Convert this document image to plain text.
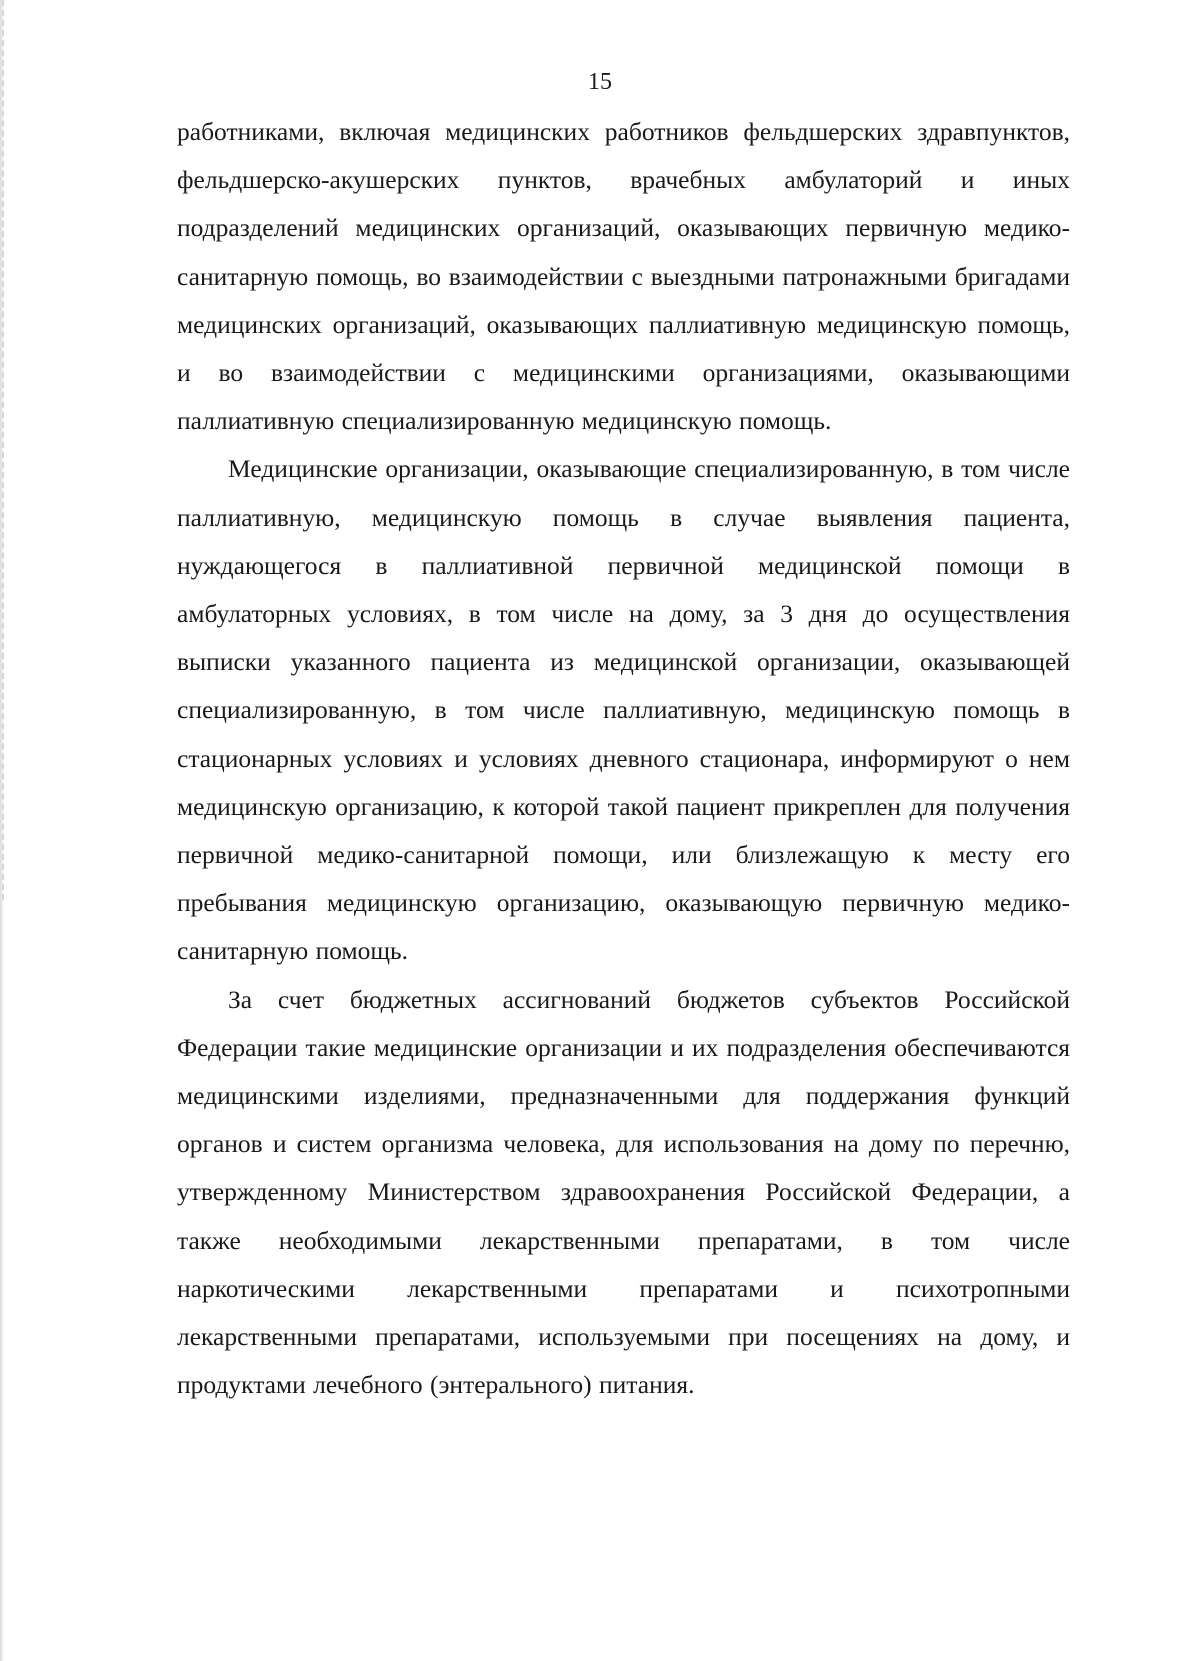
15

работниками, включая медицинских работников фельдшерских здравпунктов, фельдшерско-акушерских пунктов, врачебных амбулаторий и иных подразделений медицинских организаций, оказывающих первичную медико-санитарную помощь, во взаимодействии с выездными патронажными бригадами медицинских организаций, оказывающих паллиативную медицинскую помощь, и во взаимодействии с медицинскими организациями, оказывающими паллиативную специализированную медицинскую помощь.

Медицинские организации, оказывающие специализированную, в том числе паллиативную, медицинскую помощь в случае выявления пациента, нуждающегося в паллиативной первичной медицинской помощи в амбулаторных условиях, в том числе на дому, за 3 дня до осуществления выписки указанного пациента из медицинской организации, оказывающей специализированную, в том числе паллиативную, медицинскую помощь в стационарных условиях и условиях дневного стационара, информируют о нем медицинскую организацию, к которой такой пациент прикреплен для получения первичной медико-санитарной помощи, или близлежащую к месту его пребывания медицинскую организацию, оказывающую первичную медико-санитарную помощь.

За счет бюджетных ассигнований бюджетов субъектов Российской Федерации такие медицинские организации и их подразделения обеспечиваются медицинскими изделиями, предназначенными для поддержания функций органов и систем организма человека, для использования на дому по перечню, утвержденному Министерством здравоохранения Российской Федерации, а также необходимыми лекарственными препаратами, в том числе наркотическими лекарственными препаратами и психотропными лекарственными препаратами, используемыми при посещениях на дому, и продуктами лечебного (энтерального) питания.
